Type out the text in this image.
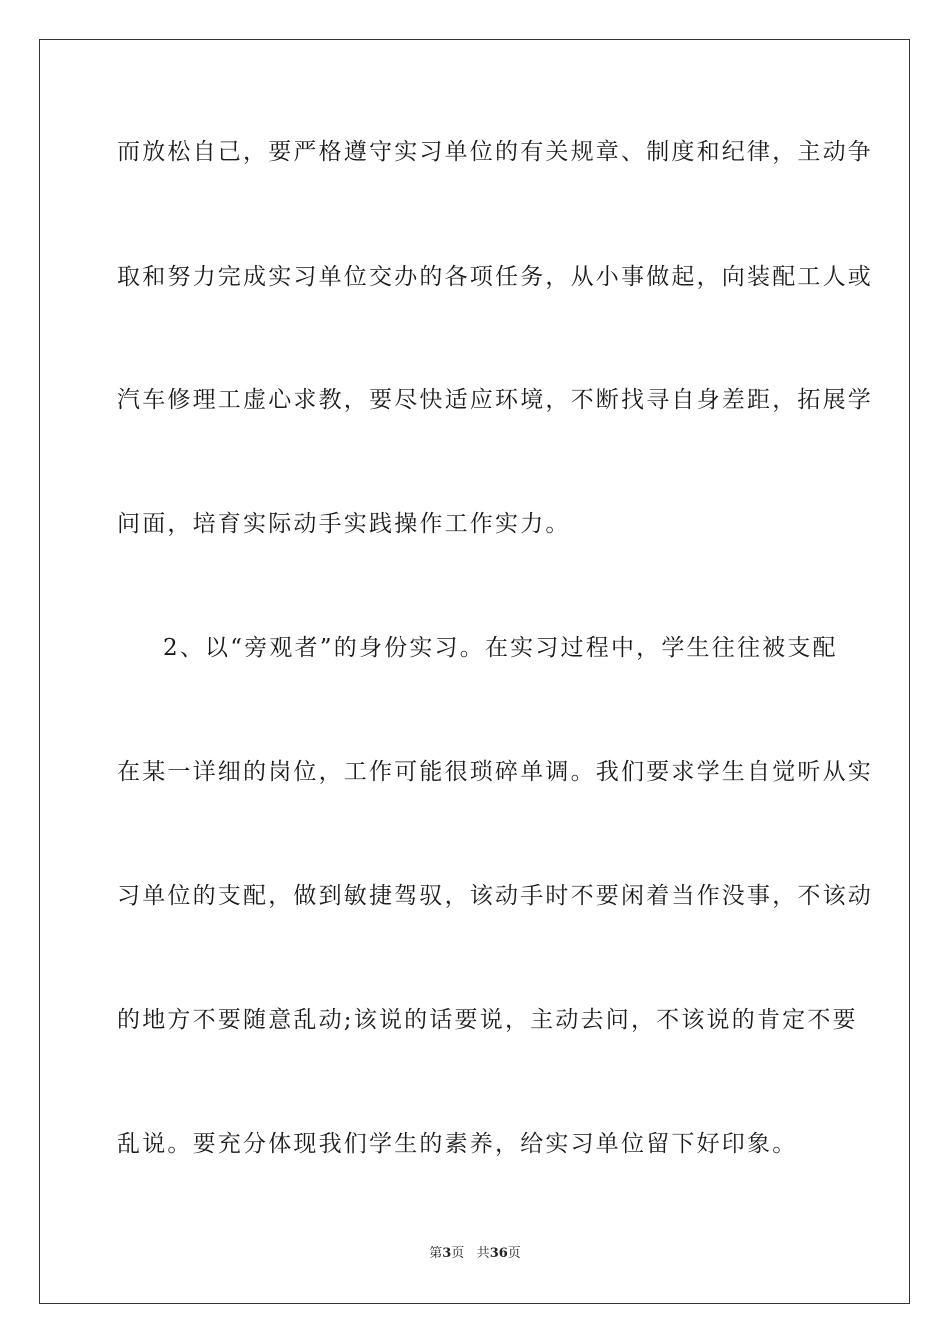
而放松自己，要严格遵守实习单位的有关规章、制度和纪律，主动争
取和努力完成实习单位交办的各项任务，从小事做起，向装配工人或
汽车修理工虚心求教，要尽快适应环境，不断找寻自身差距，拓展学
问面，培育实际动手实践操作工作实力。
2、以“旁观者”的身份实习。在实习过程中，学生往往被支配
在某一详细的岗位，工作可能很琐碎单调。我们要求学生自觉听从实
习单位的支配，做到敏捷驾驭，该动手时不要闲着当作没事，不该动
的地方不要随意乱动;该说的话要说，主动去问，不该说的肯定不要
乱说。要充分体现我们学生的素养，给实习单位留下好印象。
第3页 共36页
